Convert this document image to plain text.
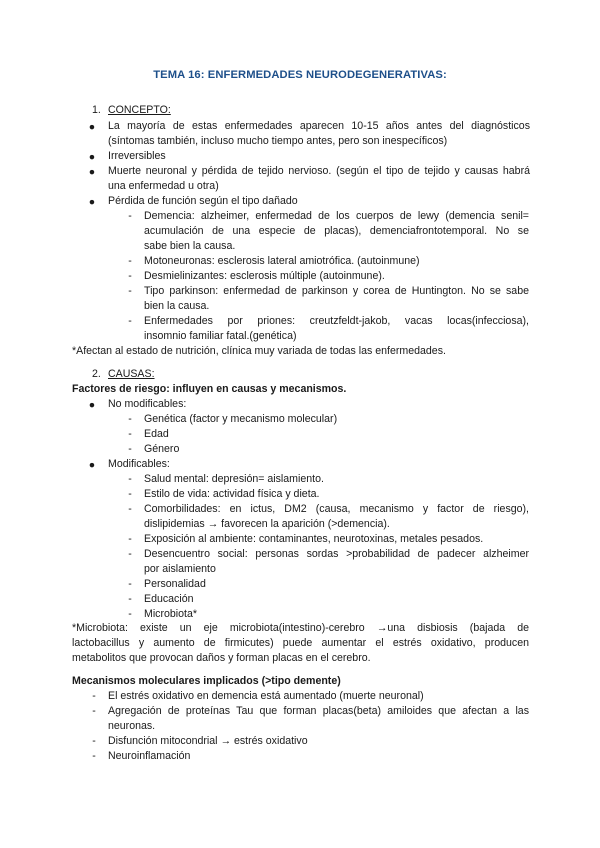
TEMA 16: ENFERMEDADES NEURODEGENERATIVAS:
1. CONCEPTO:
● La mayoría de estas enfermedades aparecen 10-15 años antes del diagnósticos
(síntomas también, incluso mucho tiempo antes, pero son inespecíficos)
● Irreversibles
● Muerte neuronal y pérdida de tejido nervioso. (según el tipo de tejido y causas habrá
una enfermedad u otra)
● Pérdida de función según el tipo dañado
-	Demencia: alzheimer, enfermedad de los cuerpos de lewy (demencia senil=
acumulación de una especie de placas), demenciafrontotemporal. No se
sabe bien la causa.
-	Motoneuronas: esclerosis lateral amiotrófica. (autoinmune)
-	Desmielinizantes: esclerosis múltiple (autoinmune).
-	Tipo parkinson: enfermedad de parkinson y corea de Huntington. No se sabe
bien la causa.
-	Enfermedades por priones: creutzfeldt-jakob, vacas locas(infecciosa),
insomnio familiar fatal.(genética)
*Afectan al estado de nutrición, clínica muy variada de todas las enfermedades.
2. CAUSAS:
Factores de riesgo: influyen en causas y mecanismos.
● No modificables:
-	Genética (factor y mecanismo molecular)
-	Edad
-	Género
● Modificables:
-	Salud mental: depresión= aislamiento.
-	Estilo de vida: actividad física y dieta.
-	Comorbilidades: en ictus, DM2 (causa, mecanismo y factor de riesgo),
dislipidemias → favorecen la aparición (>demencia).
-	Exposición al ambiente: contaminantes, neurotoxinas, metales pesados.
-	Desencuentro social: personas sordas >probabilidad de padecer alzheimer
por aislamiento
-	Personalidad
-	Educación
-	Microbiota*
*Microbiota: existe un eje microbiota(intestino)-cerebro →una disbiosis (bajada de
lactobacillus y aumento de firmicutes) puede aumentar el estrés oxidativo, producen
metabolitos que provocan daños y forman placas en el cerebro.
Mecanismos moleculares implicados (>tipo demente)
-	El estrés oxidativo en demencia está aumentado (muerte neuronal)
-	Agregación de proteínas Tau que forman placas(beta) amiloides que afectan a las
neuronas.
-	Disfunción mitocondrial → estrés oxidativo
-	Neuroinflamación
